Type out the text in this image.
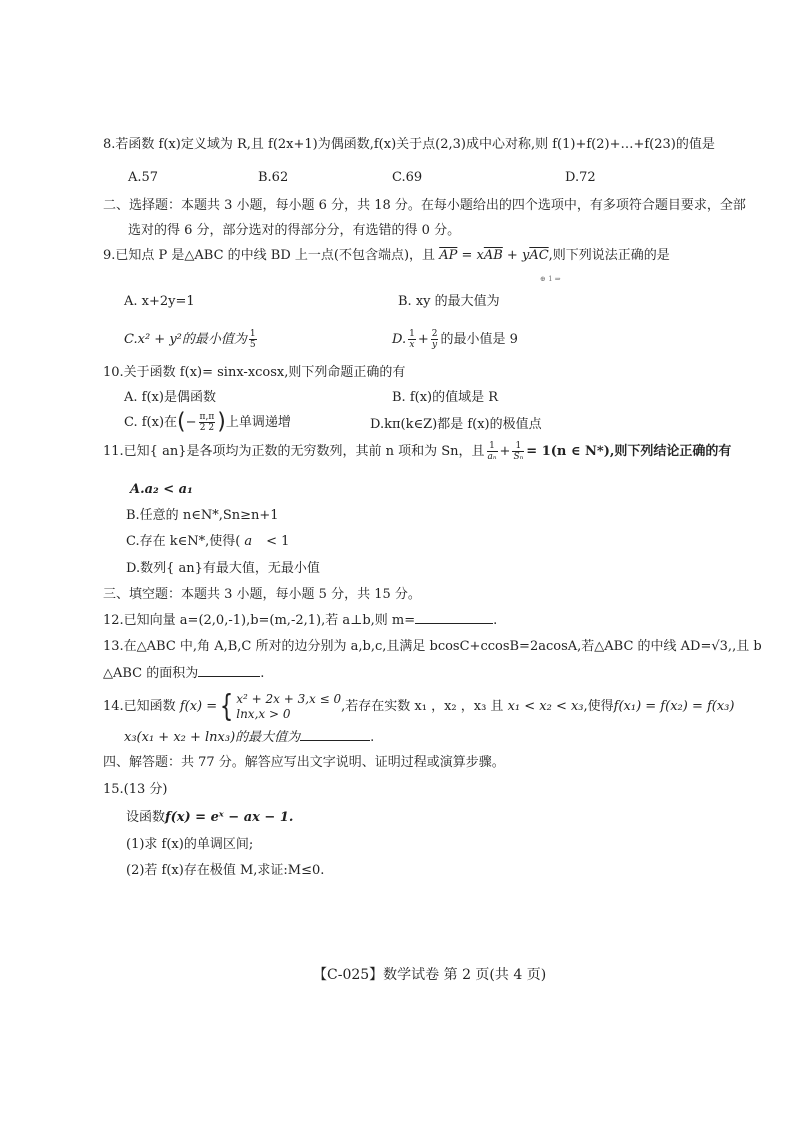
8.若函数 f(x)定义域为 R,且 f(2x+1)为偶函数,f(x)关于点(2,3)成中心对称,则 f(1)+f(2)+…+f(23)的值是
A.57	B.62	C.69	D.72
二、选择题：本题共 3 小题，每小题 6 分，共 18 分。在每小题给出的四个选项中，有多项符合题目要求，全部
选对的得 6 分，部分选对的得部分分，有选错的得 0 分。
9.已知点 P 是△ABC 的中线 BD 上一点(不包含端点)，且 $\overline{AP} = x\overline{AB} + y\overline{AC}$,则下列说法正确的是
⊕ 1 ⇒
A. x+2y=1	B. xy 的最大值为
C.x² + y²的最小值为 $\frac{1}{5}$	D. $\frac{1}{x} + \frac{2}{y}$ 的最小值是 9
10.关于函数 f(x)= sinx-xcosx,则下列命题正确的有
A. f(x)是偶函数	B. f(x)的值域是 R
C. f(x)在(− $\frac{\pi,\pi}{2 2}$ )上单调递增	D.kπ(k∈Z)都是 f(x)的极值点
11.已知{ an}是各项均为正数的无穷数列，其前 n 项和为 Sn，且 $\frac{1}{\text{aₙ}} + \frac{1}{\text{Sₙ}} = 1(n$ ∈ N*),则下列结论正确的有
A.a₂ < a₁
B.任意的 n∈N*,Sn≥n+1
C.存在 k∈N*,使得( a < 1
D.数列{ an}有最大值，无最小值
三、填空题：本题共 3 小题，每小题 5 分，共 15 分。
12.已知向量 a=(2,0,-1),b=(m,-2,1),若 a⊥b,则 m=	.
13.在△ABC 中,角 A,B,C 所对的边分别为 a,b,c,且满足 bcosC+ccosB=2acosA,若△ABC 的中线 AD=√3,,且 b
△ABC 的面积为	.
14.已知函数 f(x) ={ x² + 2x + 3,x ≤ 0
lnx,x > 0	,若存在实数 x₁ ，x₂ ，x₃ 且 x₁ < x₂ < x₃,使得f(x₁) = f(x₂) = f(x₃)
x₃(x₁ + x₂ + lnx₃)的最大值为	.
四、解答题：共 77 分。解答应写出文字说明、证明过程或演算步骤。
15.(13 分)
设函数f(x) = eˣ − ax − 1.
(1)求 f(x)的单调区间;
(2)若 f(x)存在极值 M,求证:M≤0.
【C-025】数学试卷 第 2 页(共 4 页)
